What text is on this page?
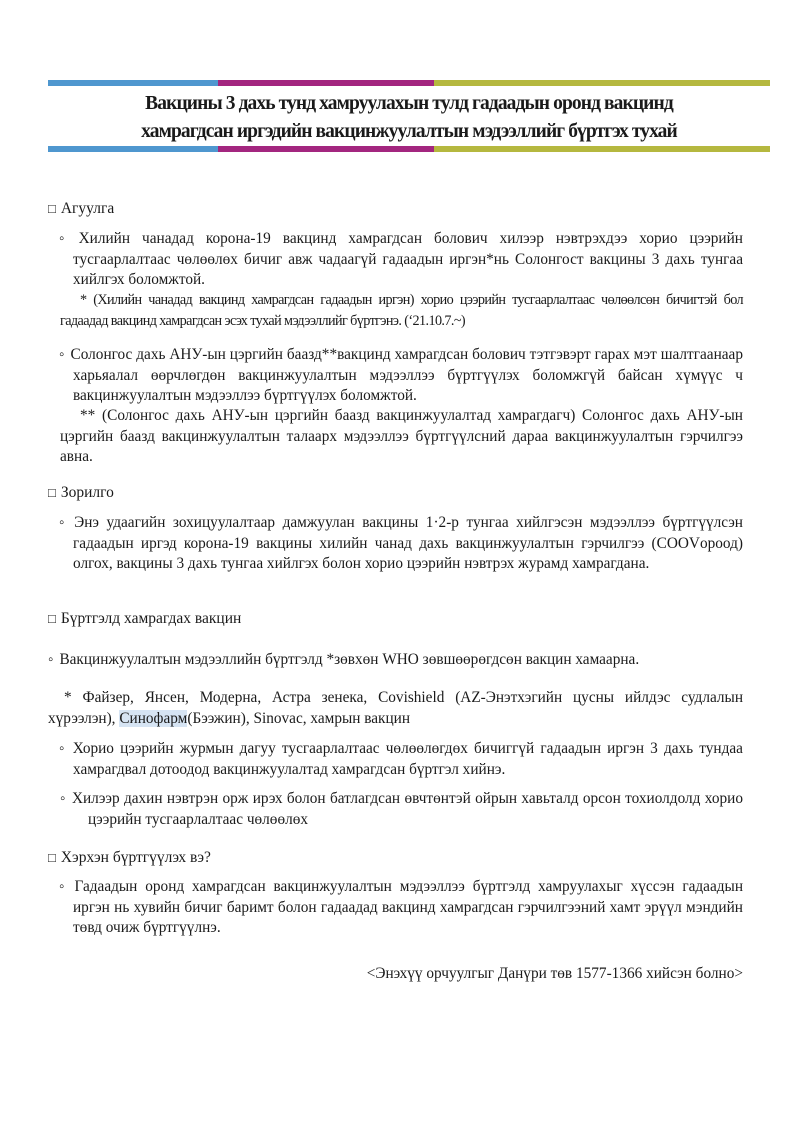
Вакцины 3 дахь тунд хамруулахын тулд гадаадын оронд вакцинд
хамрагдсан иргэдийн вакцинжуулалтын мэдээллийг бүртгэх тухай
□ Агуулга
◦ Хилийн чанадад корона-19 вакцинд хамрагдсан болович хилээр нэвтрэхдээ хорио цээрийн тусгаарлалтаас чөлөөлөх бичиг авж чадаагүй гадаадын иргэн*нь Солонгост вакцины 3 дахь тунгаа хийлгэх боломжтой.
* (Хилийн чанадад вакцинд хамрагдсан гадаадын иргэн) хорио цээрийн тусгаарлалтаас чөлөөлсөн бичигтэй бол гадаадад вакцинд хамрагдсан эсэх тухай мэдээллийг бүртгэнэ. (‘21.10.7.~)
◦ Солонгос дахь АНУ-ын цэргийн баазд**вакцинд хамрагдсан болович тэтгэвэрт гарах мэт шалтгаанаар харьяалал өөрчлөгдөн вакцинжуулалтын мэдээллээ бүртгүүлэх боломжгүй байсан хүмүүс ч вакцинжуулалтын мэдээллээ бүртгүүлэх боломжтой.
** (Солонгос дахь АНУ-ын цэргийн баазд вакцинжуулалтад хамрагдагч) Солонгос дахь АНУ-ын цэргийн баазд вакцинжуулалтын талаарх мэдээллээ бүртгүүлсний дараа вакцинжуулалтын гэрчилгээ авна.
□ Зорилго
◦ Энэ удаагийн зохицуулалтаар дамжуулан вакцины 1·2-р тунгаа хийлгэсэн мэдээллээ бүртгүүлсэн гадаадын иргэд корона-19 вакцины хилийн чанад дахь вакцинжуулалтын гэрчилгээ (COOVороод) олгох, вакцины 3 дахь тунгаа хийлгэх болон хорио цээрийн нэвтрэх журамд хамрагдана.
□ Бүртгэлд хамрагдах вакцин
◦ Вакцинжуулалтын мэдээллийн бүртгэлд *зөвхөн WHO зөвшөөрөгдсөн вакцин хамаарна.
* Файзер, Янсен, Модерна, Астра зенека, Covishield (AZ-Энэтхэгийн цусны ийлдэс судлалын хүрээлэн), Синофарм(Бээжин), Sinovac, хамрын вакцин
◦ Хорио цээрийн журмын дагуу тусгаарлалтаас чөлөөлөгдөх бичиггүй гадаадын иргэн 3 дахь тундаа хамрагдвал дотоодод вакцинжуулалтад хамрагдсан бүртгэл хийнэ.
◦ Хилээр дахин нэвтрэн орж ирэх болон батлагдсан өвчтөнтэй ойрын хавьталд орсон тохиолдолд хорио цээрийн тусгаарлалтаас чөлөөлөх
□ Хэрхэн бүртгүүлэх вэ?
◦ Гадаадын оронд хамрагдсан вакцинжуулалтын мэдээллээ бүртгэлд хамруулахыг хүссэн гадаадын иргэн нь хувийн бичиг баримт болон гадаадад вакцинд хамрагдсан гэрчилгээний хамт эрүүл мэндийн төвд очиж бүртгүүлнэ.
<Энэхүү орчуулгыг Данүри төв 1577-1366 хийсэн болно>
